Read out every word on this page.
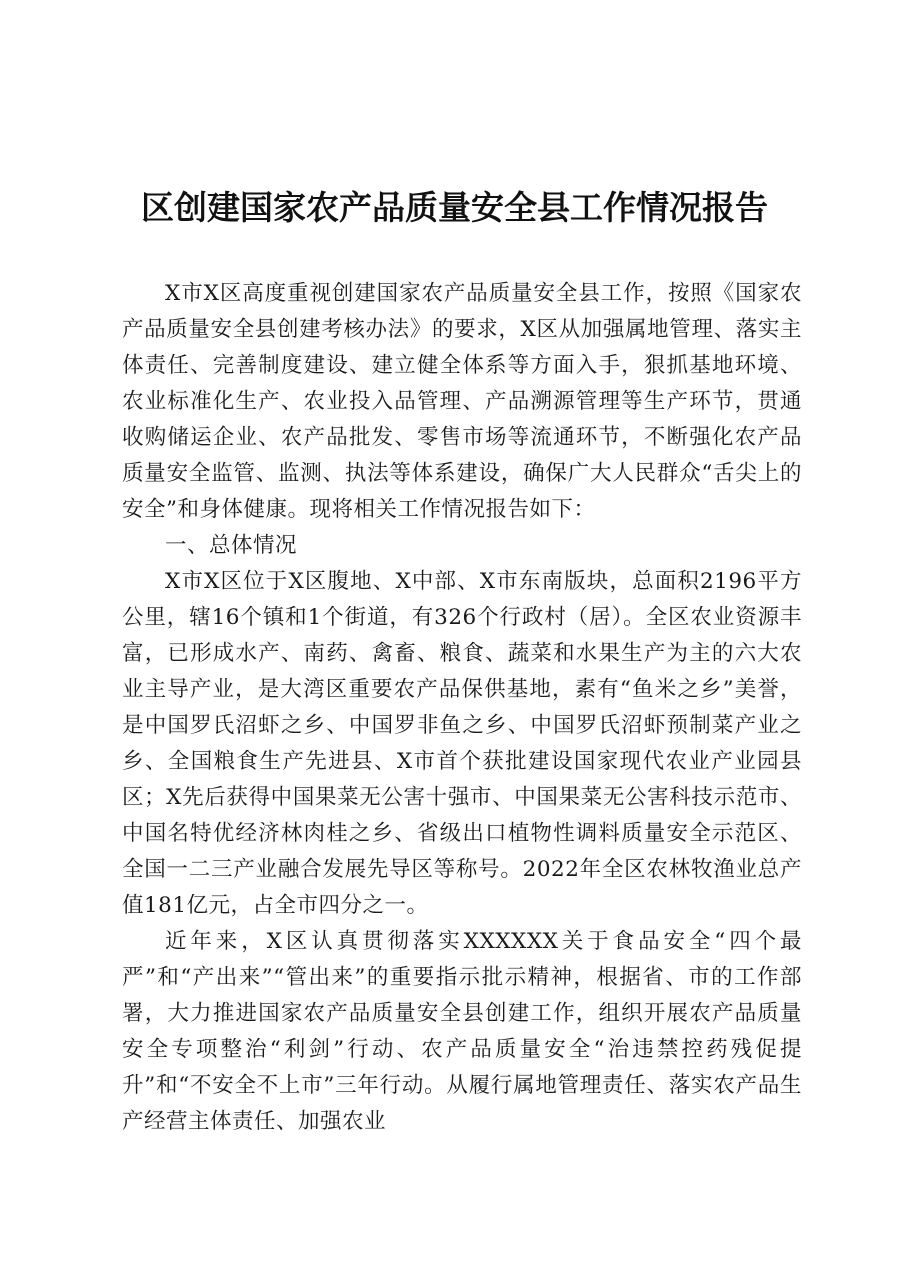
区创建国家农产品质量安全县工作情况报告

X市X区高度重视创建国家农产品质量安全县工作，按照《国家农产品质量安全县创建考核办法》的要求，X区从加强属地管理、落实主体责任、完善制度建设、建立健全体系等方面入手，狠抓基地环境、农业标准化生产、农业投入品管理、产品溯源管理等生产环节，贯通收购储运企业、农产品批发、零售市场等流通环节，不断强化农产品质量安全监管、监测、执法等体系建设，确保广大人民群众“舌尖上的安全”和身体健康。现将相关工作情况报告如下：

一、总体情况

X市X区位于X区腹地、X中部、X市东南版块，总面积2196平方公里，辖16个镇和1个街道，有326个行政村（居）。全区农业资源丰富，已形成水产、南药、禽畜、粮食、蔬菜和水果生产为主的六大农业主导产业，是大湾区重要农产品保供基地，素有“鱼米之乡”美誉，是中国罗氏沼虾之乡、中国罗非鱼之乡、中国罗氏沼虾预制菜产业之乡、全国粮食生产先进县、X市首个获批建设国家现代农业产业园县区；X先后获得中国果菜无公害十强市、中国果菜无公害科技示范市、中国名特优经济林肉桂之乡、省级出口植物性调料质量安全示范区、全国一二三产业融合发展先导区等称号。2022年全区农林牧渔业总产值181亿元，占全市四分之一。

近年来，X区认真贯彻落实XXXXXX关于食品安全“四个最严”和“产出来”“管出来”的重要指示批示精神，根据省、市的工作部署，大力推进国家农产品质量安全县创建工作，组织开展农产品质量安全专项整治“利剑”行动、农产品质量安全“治违禁控药残促提升”和“不安全不上市”三年行动。从履行属地管理责任、落实农产品生产经营主体责任、加强农业
